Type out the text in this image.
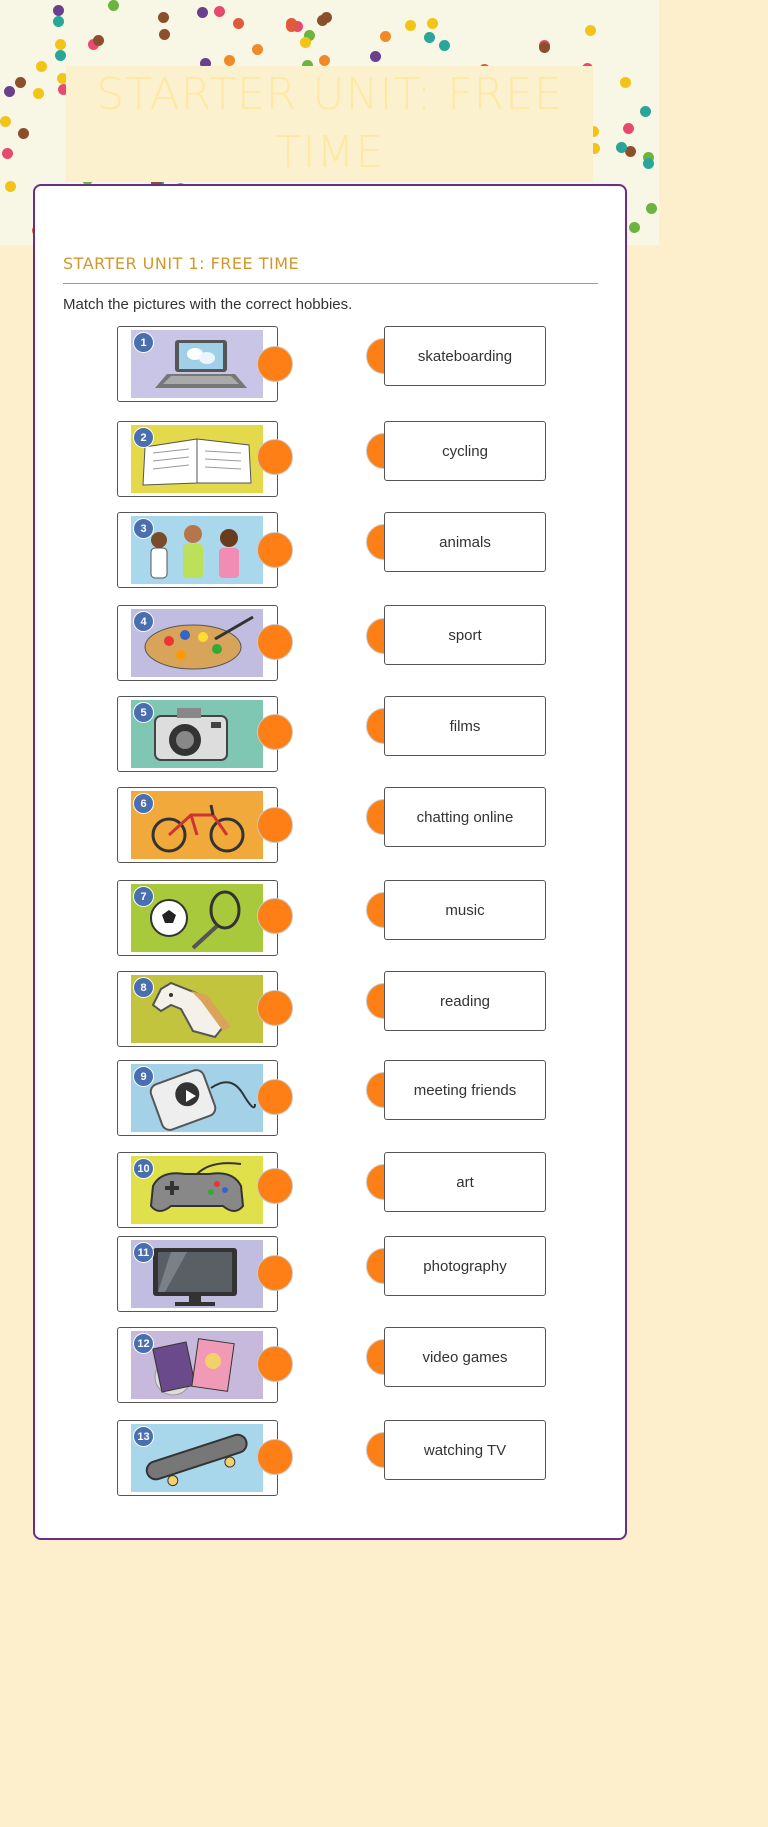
STARTER UNIT: FREE TIME
STARTER UNIT 1: FREE TIME
Match the pictures with the correct hobbies.
1
skateboarding
2
cycling
3
animals
4
sport
5
films
6
chatting online
7
music
8
reading
9
meeting friends
10
art
11
photography
12
video games
13
watching TV
